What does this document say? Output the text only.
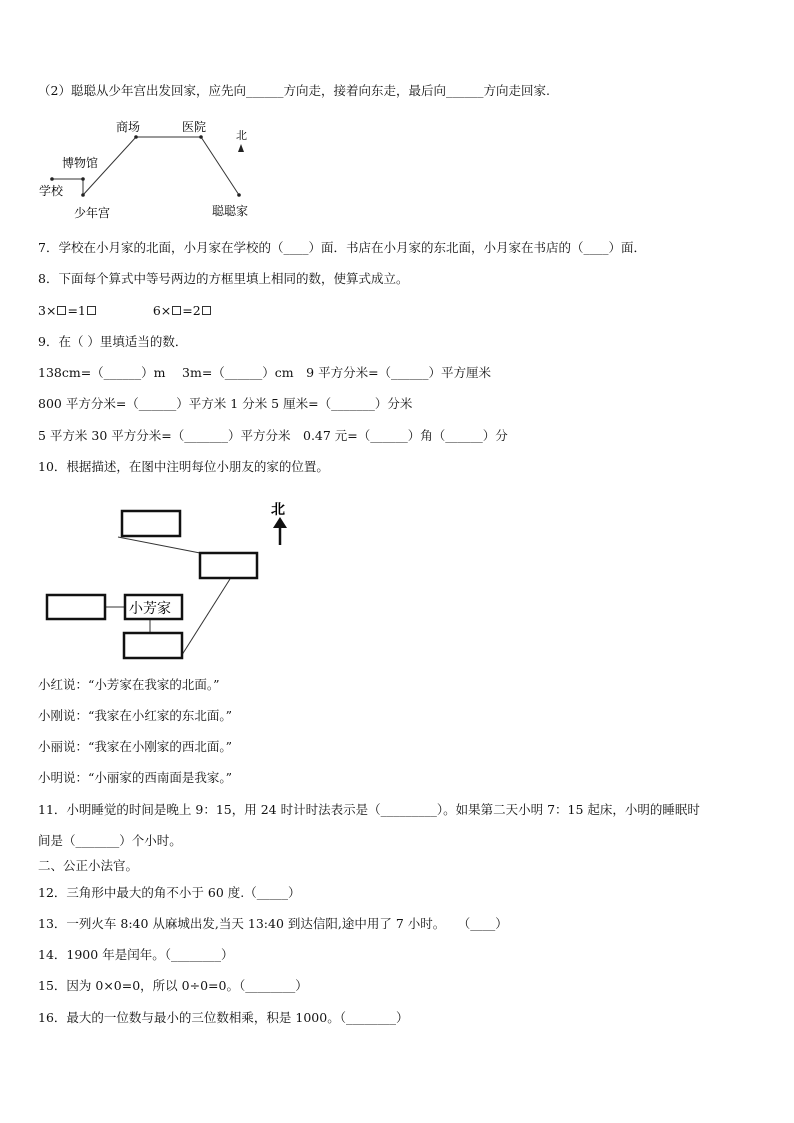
（2）聪聪从少年宫出发回家，应先向______方向走，接着向东走，最后向______方向走回家.
博物馆
学校
少年宫
商场	医院
聪聪家
北
7．学校在小月家的北面，小月家在学校的（____）面．书店在小月家的东北面，小月家在书店的（____）面．
8．下面每个算式中等号两边的方框里填上相同的数，使算式成立。
3× =1	6× =2
9．在（ ）里填适当的数．
138cm=（______）m　 3m=（______）cm　9 平方分米=（______）平方厘米
800 平方分米=（______）平方米 1 分米 5 厘米=（_______）分米
5 平方米 30 平方分米=（_______）平方分米　0.47 元=（______）角（______）分
10．根据描述，在图中注明每位小朋友的家的位置。
小芳家
北
小红说：“小芳家在我家的北面。”
小刚说：“我家在小红家的东北面。”
小丽说：“我家在小刚家的西北面。”
小明说：“小丽家的西南面是我家。”
11．小明睡觉的时间是晚上 9：15，用 24 时计时法表示是（_________）。如果第二天小明 7：15 起床，小明的睡眠时
间是（_______）个小时。
二、公正小法官。
12．三角形中最大的角不小于 60 度.（_____）
13．一列火车 8:40 从麻城出发,当天 13:40 到达信阳,途中用了 7 小时。　　（____）
14．1900 年是闰年。（________）
15．因为 0×0=0，所以 0÷0=0。（________）
16．最大的一位数与最小的三位数相乘，积是 1000。（________）
